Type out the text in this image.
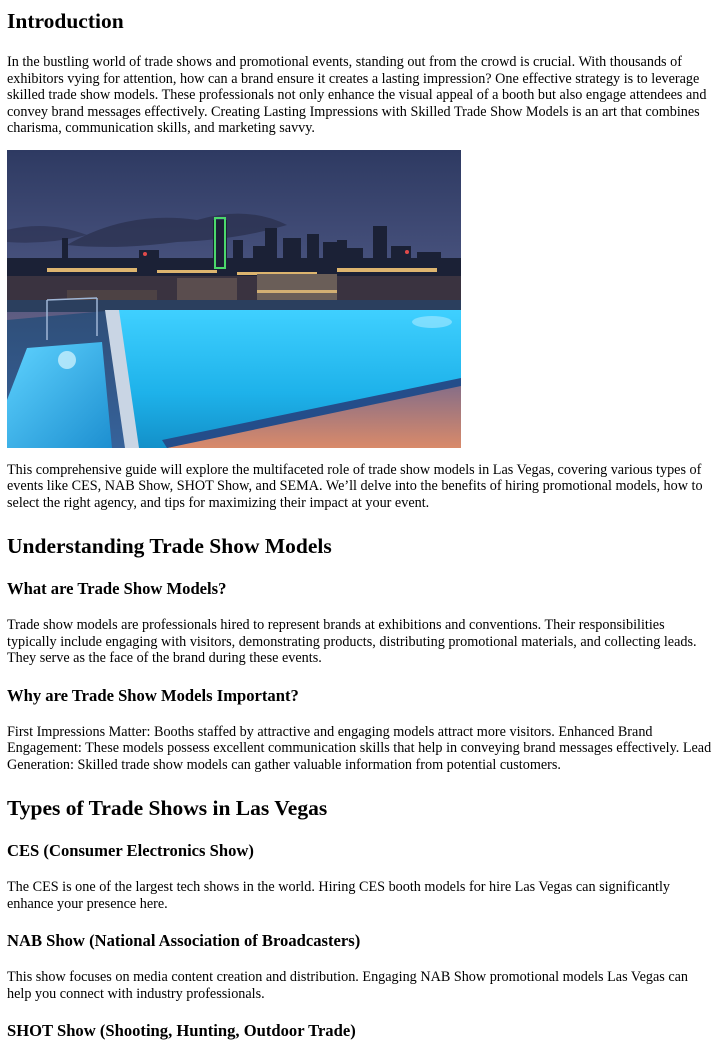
Introduction

In the bustling world of trade shows and promotional events, standing out from the crowd is crucial. With thousands of exhibitors vying for attention, how can a brand ensure it creates a lasting impression? One effective strategy is to leverage skilled trade show models. These professionals not only enhance the visual appeal of a booth but also engage attendees and convey brand messages effectively. Creating Lasting Impressions with Skilled Trade Show Models is an art that combines charisma, communication skills, and marketing savvy.

This comprehensive guide will explore the multifaceted role of trade show models in Las Vegas, covering various types of events like CES, NAB Show, SHOT Show, and SEMA. We’ll delve into the benefits of hiring promotional models, how to select the right agency, and tips for maximizing their impact at your event.

Understanding Trade Show Models
What are Trade Show Models?

Trade show models are professionals hired to represent brands at exhibitions and conventions. Their responsibilities typically include engaging with visitors, demonstrating products, distributing promotional materials, and collecting leads. They serve as the face of the brand during these events.

Why are Trade Show Models Important?

First Impressions Matter: Booths staffed by attractive and engaging models attract more visitors. Enhanced Brand Engagement: These models possess excellent communication skills that help in conveying brand messages effectively. Lead Generation: Skilled trade show models can gather valuable information from potential customers.

Types of Trade Shows in Las Vegas
CES (Consumer Electronics Show)

The CES is one of the largest tech shows in the world. Hiring CES booth models for hire Las Vegas can significantly enhance your presence here.

NAB Show (National Association of Broadcasters)

This show focuses on media content creation and distribution. Engaging NAB Show promotional models Las Vegas can help you connect with industry professionals.

SHOT Show (Shooting, Hunting, Outdoor Trade)
